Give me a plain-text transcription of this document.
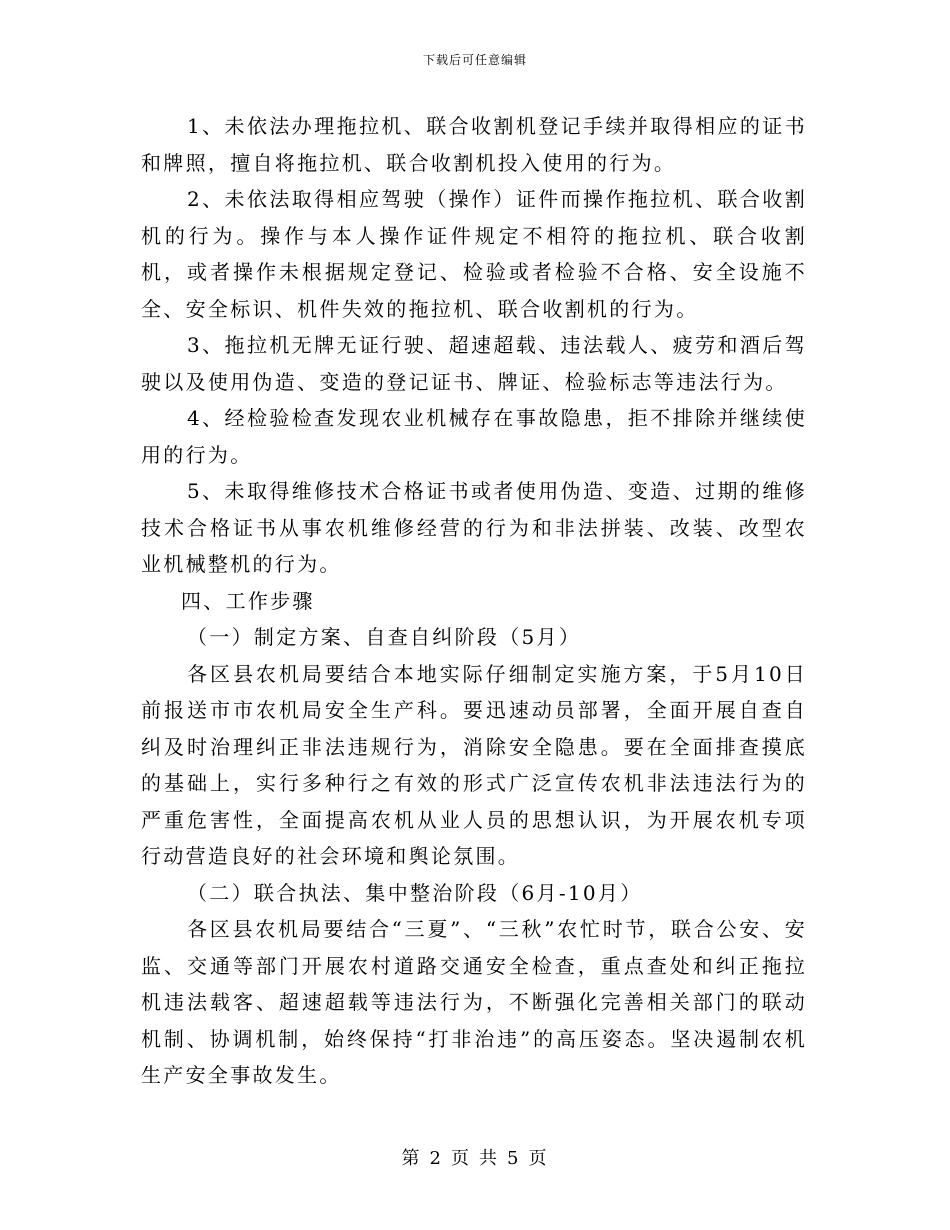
下载后可任意编辑

1、未依法办理拖拉机、联合收割机登记手续并取得相应的证书和牌照，擅自将拖拉机、联合收割机投入使用的行为。

2、未依法取得相应驾驶（操作）证件而操作拖拉机、联合收割机的行为。操作与本人操作证件规定不相符的拖拉机、联合收割机，或者操作未根据规定登记、检验或者检验不合格、安全设施不全、安全标识、机件失效的拖拉机、联合收割机的行为。

3、拖拉机无牌无证行驶、超速超载、违法载人、疲劳和酒后驾驶以及使用伪造、变造的登记证书、牌证、检验标志等违法行为。

4、经检验检查发现农业机械存在事故隐患，拒不排除并继续使用的行为。

5、未取得维修技术合格证书或者使用伪造、变造、过期的维修技术合格证书从事农机维修经营的行为和非法拼装、改装、改型农业机械整机的行为。

四、工作步骤

（一）制定方案、自查自纠阶段（5月）

各区县农机局要结合本地实际仔细制定实施方案，于5月10日前报送市市农机局安全生产科。要迅速动员部署，全面开展自查自纠及时治理纠正非法违规行为，消除安全隐患。要在全面排查摸底的基础上，实行多种行之有效的形式广泛宣传农机非法违法行为的严重危害性，全面提高农机从业人员的思想认识，为开展农机专项行动营造良好的社会环境和舆论氛围。

（二）联合执法、集中整治阶段（6月-10月）

各区县农机局要结合“三夏”、“三秋”农忙时节，联合公安、安监、交通等部门开展农村道路交通安全检查，重点查处和纠正拖拉机违法载客、超速超载等违法行为，不断强化完善相关部门的联动机制、协调机制，始终保持“打非治违”的高压姿态。坚决遏制农机生产安全事故发生。

第 2 页 共 5 页
